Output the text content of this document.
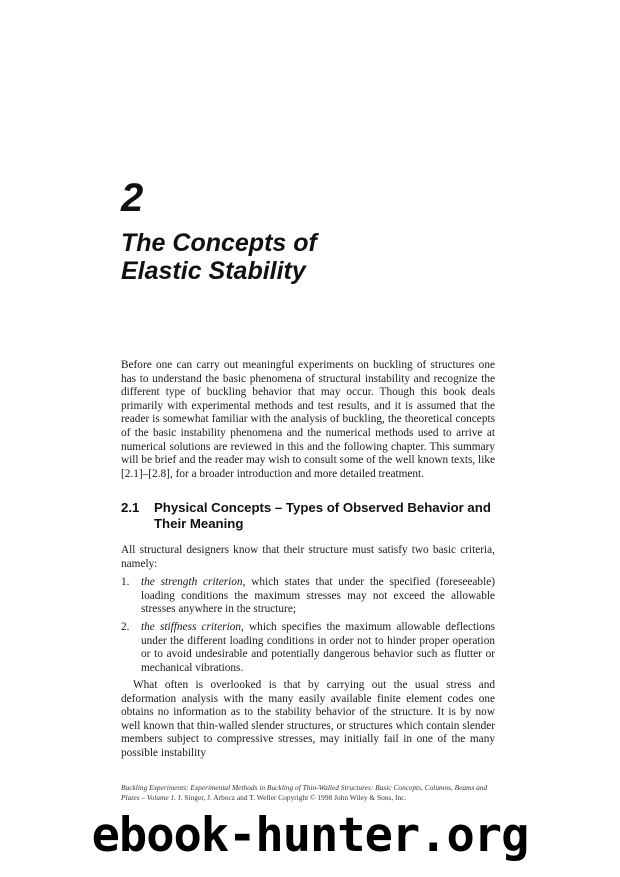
2
The Concepts of
Elastic Stability

Before one can carry out meaningful experiments on buckling of structures one has to understand the basic phenomena of structural instability and recognize the different type of buckling behavior that may occur. Though this book deals primarily with experimental methods and test results, and it is assumed that the reader is somewhat familiar with the analysis of buckling, the theoretical concepts of the basic instability phenomena and the numerical methods used to arrive at numerical solutions are reviewed in this and the following chapter. This summary will be brief and the reader may wish to consult some of the well known texts, like [2.1]–[2.8], for a broader introduction and more detailed treatment.

2.1 Physical Concepts – Types of Observed Behavior and Their Meaning

All structural designers know that their structure must satisfy two basic criteria, namely:

1. the strength criterion, which states that under the specified (foreseeable) loading conditions the maximum stresses may not exceed the allowable stresses anywhere in the structure;
2. the stiffness criterion, which specifies the maximum allowable deflections under the different loading conditions in order not to hinder proper operation or to avoid undesirable and potentially dangerous behavior such as flutter or mechanical vibrations.

What often is overlooked is that by carrying out the usual stress and deformation analysis with the many easily available finite element codes one obtains no information as to the stability behavior of the structure. It is by now well known that thin-walled slender structures, or structures which contain slender members subject to compressive stresses, may initially fail in one of the many possible instability

Buckling Experiments: Experimental Methods in Buckling of Thin-Walled Structures: Basic Concepts, Columns, Beams and Plates – Volume 1. J. Singer, J. Arbocz and T. Weller Copyright © 1998 John Wiley & Sons, Inc.
ebook-hunter.org
